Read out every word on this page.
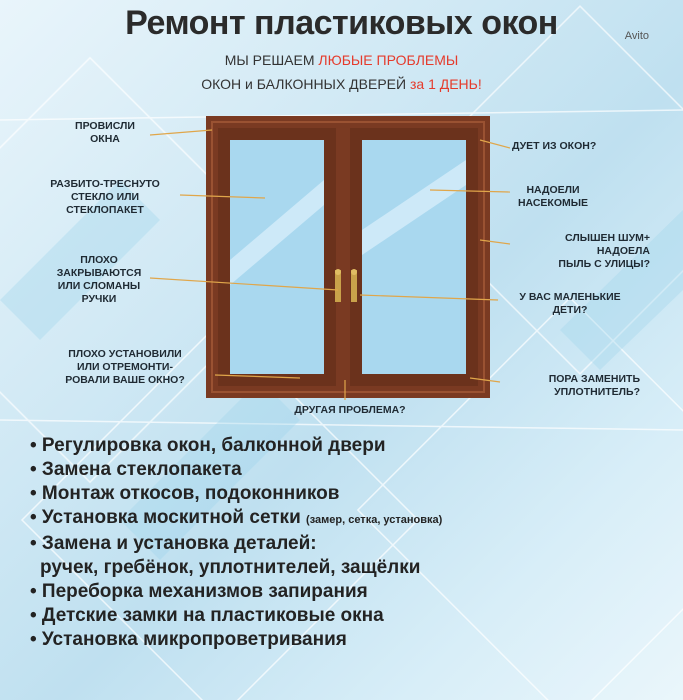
Ремонт пластиковых окон	Avito
МЫ РЕШАЕМ ЛЮБЫЕ ПРОБЛЕМЫ
ОКОН и БАЛКОННЫХ ДВЕРЕЙ за 1 ДЕНЬ!
ПРОВИСЛИ
ОКНА
РАЗБИТО-ТРЕСНУТО
СТЕКЛО ИЛИ
СТЕКЛОПАКЕТ
ПЛОХО
ЗАКРЫВАЮТСЯ
ИЛИ СЛОМАНЫ
РУЧКИ
ПЛОХО УСТАНОВИЛИ
ИЛИ ОТРЕМОНТИ-
РОВАЛИ ВАШЕ ОКНО?
ДУЕТ ИЗ ОКОН?
НАДОЕЛИ
НАСЕКОМЫЕ
СЛЫШЕН ШУМ+
НАДОЕЛА
ПЫЛЬ С УЛИЦЫ?
У ВАС МАЛЕНЬКИЕ
ДЕТИ?
ПОРА ЗАМЕНИТЬ
УПЛОТНИТЕЛЬ?
ДРУГАЯ ПРОБЛЕМА?
• Регулировка окон, балконной двери
• Замена стеклопакета
• Монтаж откосов, подоконников
• Установка москитной сетки (замер, сетка, установка)
• Замена и установка деталей:
ручек, гребёнок, уплотнителей, защёлки
• Переборка механизмов запирания
• Детские замки на пластиковые окна
• Установка микропроветривания
